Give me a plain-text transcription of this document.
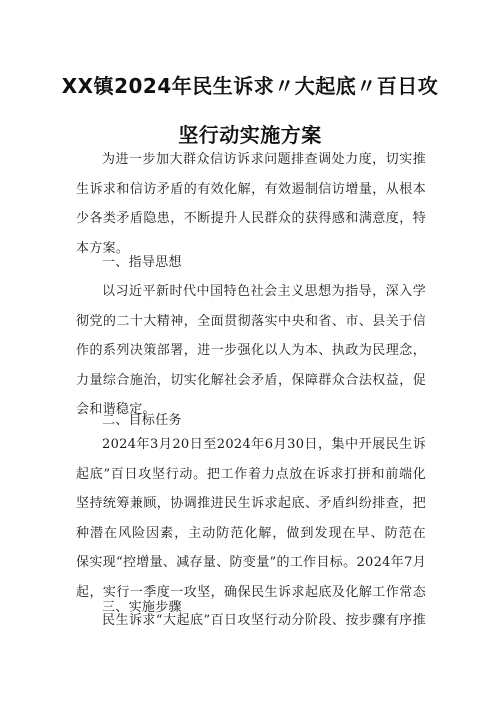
XX镇2024年民生诉求〃大起底〃百日攻
坚行动实施方案
为进一步加大群众信访诉求问题排查调处力度，切实推
生诉求和信访矛盾的有效化解，有效遏制信访增量，从根本
少各类矛盾隐患，不断提升人民群众的获得感和满意度，特
本方案。
一、指导思想
以习近平新时代中国特色社会主义思想为指导，深入学
彻党的二十大精神，全面贯彻落实中央和省、市、县关于信
作的系列决策部署，进一步强化以人为本、执政为民理念，
力量综合施治，切实化解社会矛盾，保障群众合法权益，促
会和谐稳定。
二、目标任务
2024年3月20日至2024年6月30日，集中开展民生诉
起底”百日攻坚行动。把工作着力点放在诉求打拼和前端化
坚持统筹兼顾，协调推进民生诉求起底、矛盾纠纷排查，把
种潜在风险因素，主动防范化解，做到发现在早、防范在
保实现“控增量、减存量、防变量”的工作目标。2024年7月
起，实行一季度一攻坚，确保民生诉求起底及化解工作常态
三、实施步骤
民生诉求“大起底”百日攻坚行动分阶段、按步骤有序推
